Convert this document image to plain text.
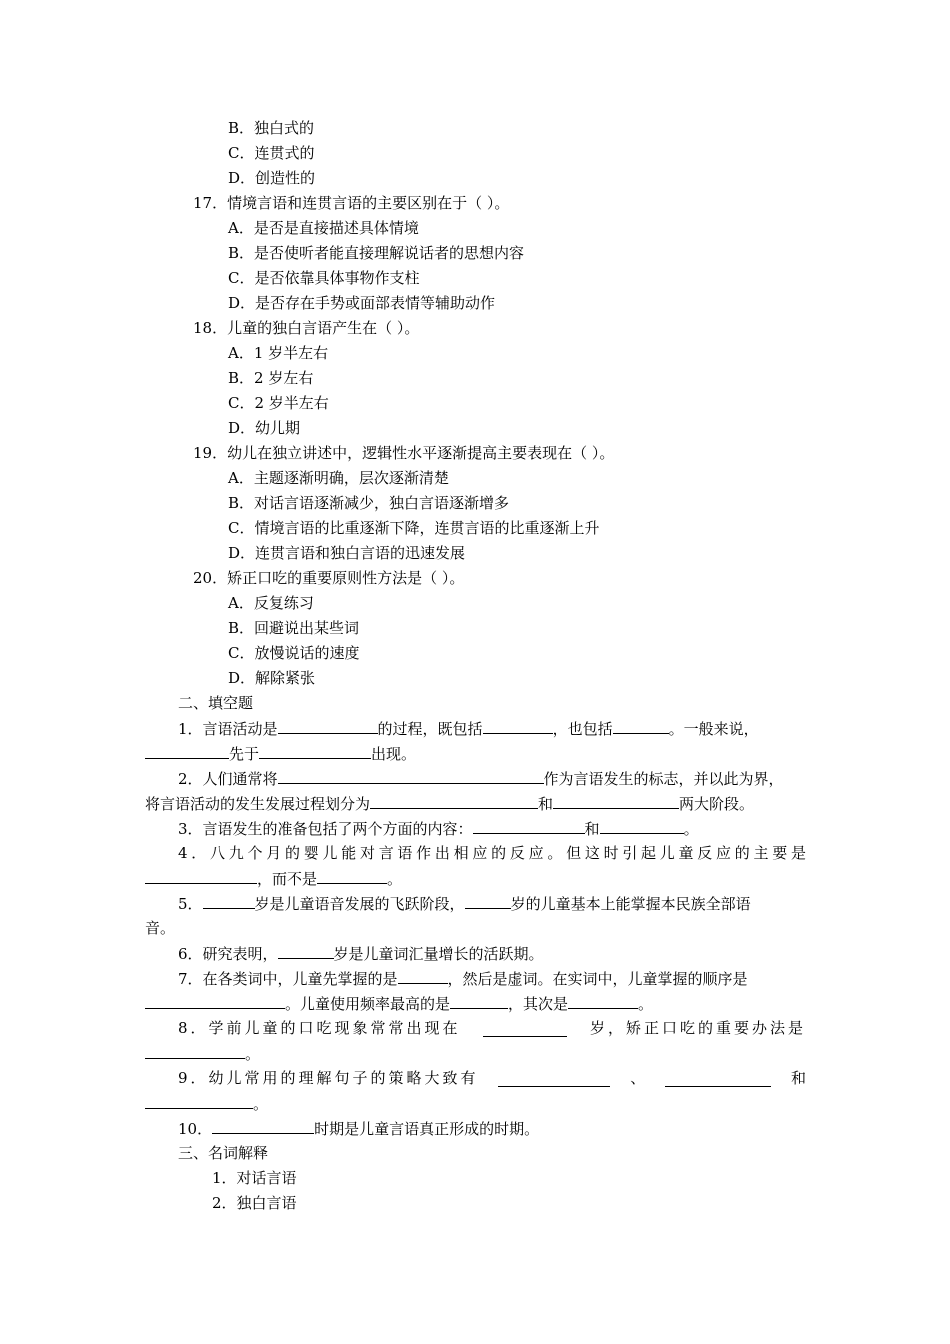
B．独白式的
C．连贯式的
D．创造性的
17．情境言语和连贯言语的主要区别在于（ ）。
A．是否是直接描述具体情境
B．是否使听者能直接理解说话者的思想内容
C．是否依靠具体事物作支柱
D．是否存在手势或面部表情等辅助动作
18．儿童的独白言语产生在（ ）。
A．1 岁半左右
B．2 岁左右
C．2 岁半左右
D．幼儿期
19．幼儿在独立讲述中，逻辑性水平逐渐提高主要表现在（ ）。
A．主题逐渐明确，层次逐渐清楚
B．对话言语逐渐减少，独白言语逐渐增多
C．情境言语的比重逐渐下降，连贯言语的比重逐渐上升
D．连贯言语和独白言语的迅速发展
20．矫正口吃的重要原则性方法是（ ）。
A．反复练习
B．回避说出某些词
C．放慢说话的速度
D．解除紧张
二、填空题
1．言语活动是	的过程，既包括	，也包括	。一般来说，
先于	出现。
2．人们通常将	作为言语发生的标志，并以此为界，
将言语活动的发生发展过程划分为	和	两大阶段。
3．言语发生的准备包括了两个方面的内容：	和	。
4．八九个月的婴儿能对言语作出相应的反应。但这时引起儿童反应的主要是
，而不是	。
5．	岁是儿童语音发展的飞跃阶段，	岁的儿童基本上能掌握本民族全部语
音。
6．研究表明，	岁是儿童词汇量增长的活跃期。
7．在各类词中，儿童先掌握的是	，然后是虚词。在实词中，儿童掌握的顺序是
。儿童使用频率最高的是	，其次是	。
8．学前儿童的口吃现象常常出现在	岁，矫正口吃的重要办法是
。
9．幼儿常用的理解句子的策略大致有	、	和
。
10．	时期是儿童言语真正形成的时期。
三、名词解释
1．对话言语
2．独白言语
